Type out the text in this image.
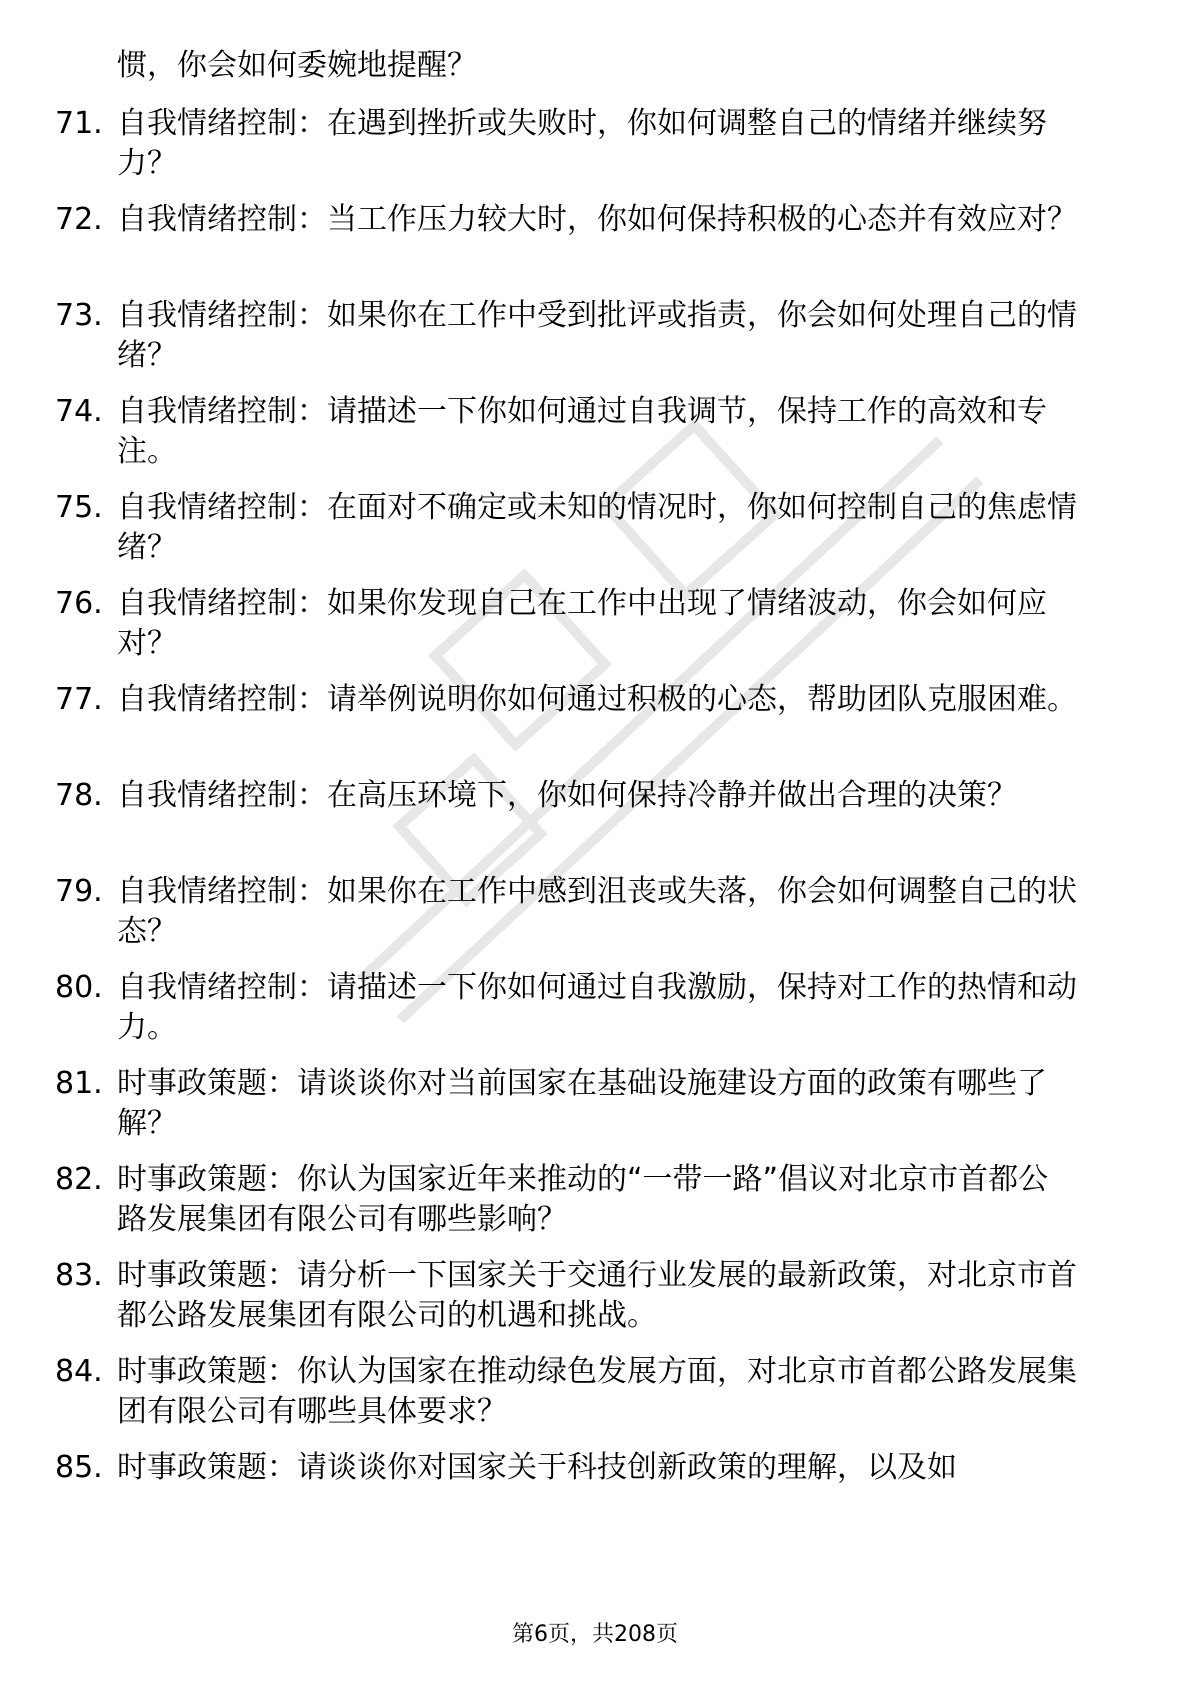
惯，你会如何委婉地提醒？
71. 自我情绪控制：在遇到挫折或失败时，你如何调整自己的情绪并继续努力？
72. 自我情绪控制：当工作压力较大时，你如何保持积极的心态并有效应对？
73. 自我情绪控制：如果你在工作中受到批评或指责，你会如何处理自己的情绪？
74. 自我情绪控制：请描述一下你如何通过自我调节，保持工作的高效和专注。
75. 自我情绪控制：在面对不确定或未知的情况时，你如何控制自己的焦虑情绪？
76. 自我情绪控制：如果你发现自己在工作中出现了情绪波动，你会如何应对？
77. 自我情绪控制：请举例说明你如何通过积极的心态，帮助团队克服困难。
78. 自我情绪控制：在高压环境下，你如何保持冷静并做出合理的决策？
79. 自我情绪控制：如果你在工作中感到沮丧或失落，你会如何调整自己的状态？
80. 自我情绪控制：请描述一下你如何通过自我激励，保持对工作的热情和动力。
81. 时事政策题：请谈谈你对当前国家在基础设施建设方面的政策有哪些了解？
82. 时事政策题：你认为国家近年来推动的“一带一路”倡议对北京市首都公路发展集团有限公司有哪些影响？
83. 时事政策题：请分析一下国家关于交通行业发展的最新政策，对北京市首都公路发展集团有限公司的机遇和挑战。
84. 时事政策题：你认为国家在推动绿色发展方面，对北京市首都公路发展集团有限公司有哪些具体要求？
85. 时事政策题：请谈谈你对国家关于科技创新政策的理解，以及如
第6页，共208页
